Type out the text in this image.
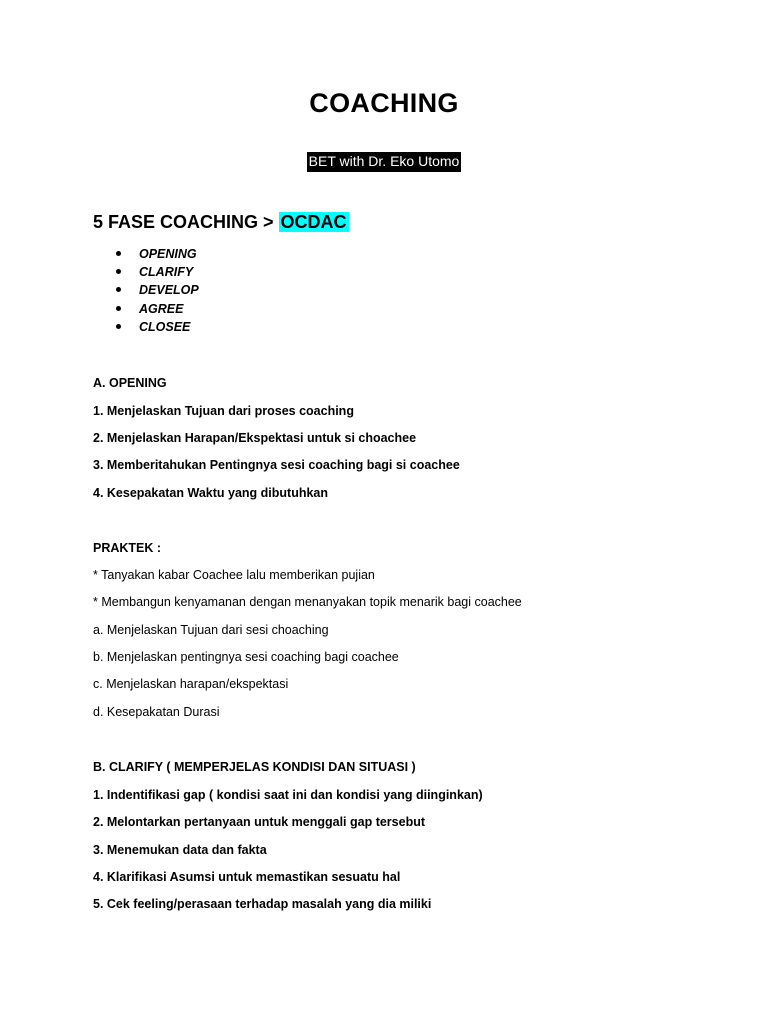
COACHING
BET with Dr. Eko Utomo
5 FASE COACHING > OCDAC
OPENING
CLARIFY
DEVELOP
AGREE
CLOSEE
A. OPENING
1. Menjelaskan Tujuan dari proses coaching
2. Menjelaskan Harapan/Ekspektasi untuk si choachee
3. Memberitahukan Pentingnya sesi coaching bagi si coachee
4. Kesepakatan Waktu yang dibutuhkan
PRAKTEK :
* Tanyakan kabar Coachee lalu memberikan pujian
* Membangun kenyamanan dengan menanyakan topik menarik bagi coachee
a. Menjelaskan Tujuan dari sesi choaching
b. Menjelaskan pentingnya sesi coaching bagi coachee
c. Menjelaskan harapan/ekspektasi
d. Kesepakatan Durasi
B. CLARIFY ( MEMPERJELAS KONDISI DAN SITUASI )
1. Indentifikasi gap ( kondisi saat ini dan kondisi yang diinginkan)
2. Melontarkan pertanyaan untuk menggali gap tersebut
3. Menemukan data dan fakta
4. Klarifikasi Asumsi untuk memastikan sesuatu hal
5. Cek feeling/perasaan terhadap masalah yang dia miliki
